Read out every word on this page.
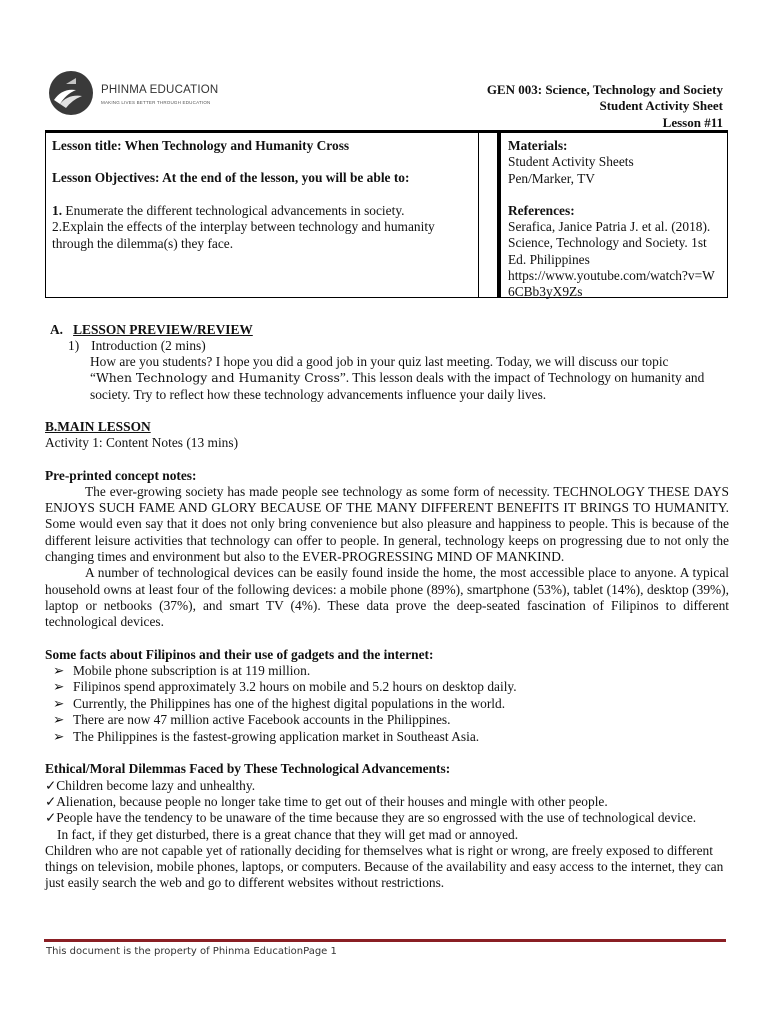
PHINMA EDUCATION
MAKING LIVES BETTER THROUGH EDUCATION
GEN 003: Science, Technology and Society
Student Activity Sheet
Lesson #11
Lesson title: When Technology and Humanity Cross
Lesson Objectives: At the end of the lesson, you will be able to:
1. Enumerate the different technological advancements in society.
2.Explain the effects of the interplay between technology and humanity through the dilemma(s) they face.
Materials:
Student Activity Sheets
Pen/Marker, TV
References:
Serafica, Janice Patria J. et al. (2018).
Science, Technology and Society. 1st
Ed. Philippines
https://www.youtube.com/watch?v=W
6CBb3yX9Zs
A. LESSON PREVIEW/REVIEW
1) Introduction (2 mins)
How are you students? I hope you did a good job in your quiz last meeting. Today, we will discuss our topic
“When Technology and Humanity Cross”. This lesson deals with the impact of Technology on humanity and
society. Try to reflect how these technology advancements influence your daily lives.
B.MAIN LESSON
Activity 1: Content Notes (13 mins)
Pre-printed concept notes:
The ever-growing society has made people see technology as some form of necessity. TECHNOLOGY THESE DAYS ENJOYS SUCH FAME AND GLORY BECAUSE OF THE MANY DIFFERENT BENEFITS IT BRINGS TO HUMANITY. Some would even say that it does not only bring convenience but also pleasure and happiness to people. This is because of the different leisure activities that technology can offer to people. In general, technology keeps on progressing due to not only the changing times and environment but also to the EVER-PROGRESSING MIND OF MANKIND.
A number of technological devices can be easily found inside the home, the most accessible place to anyone. A typical household owns at least four of the following devices: a mobile phone (89%), smartphone (53%), tablet (14%), desktop (39%), laptop or netbooks (37%), and smart TV (4%). These data prove the deep-seated fascination of Filipinos to different technological devices.
Some facts about Filipinos and their use of gadgets and the internet:
➢ Mobile phone subscription is at 119 million.
➢ Filipinos spend approximately 3.2 hours on mobile and 5.2 hours on desktop daily.
➢ Currently, the Philippines has one of the highest digital populations in the world.
➢ There are now 47 million active Facebook accounts in the Philippines.
➢ The Philippines is the fastest-growing application market in Southeast Asia.
Ethical/Moral Dilemmas Faced by These Technological Advancements:
✓Children become lazy and unhealthy.
✓Alienation, because people no longer take time to get out of their houses and mingle with other people.
✓People have the tendency to be unaware of the time because they are so engrossed with the use of technological device.
In fact, if they get disturbed, there is a great chance that they will get mad or annoyed.
Children who are not capable yet of rationally deciding for themselves what is right or wrong, are freely exposed to different things on television, mobile phones, laptops, or computers. Because of the availability and easy access to the internet, they can just easily search the web and go to different websites without restrictions.
This document is the property of Phinma EducationPage 1
